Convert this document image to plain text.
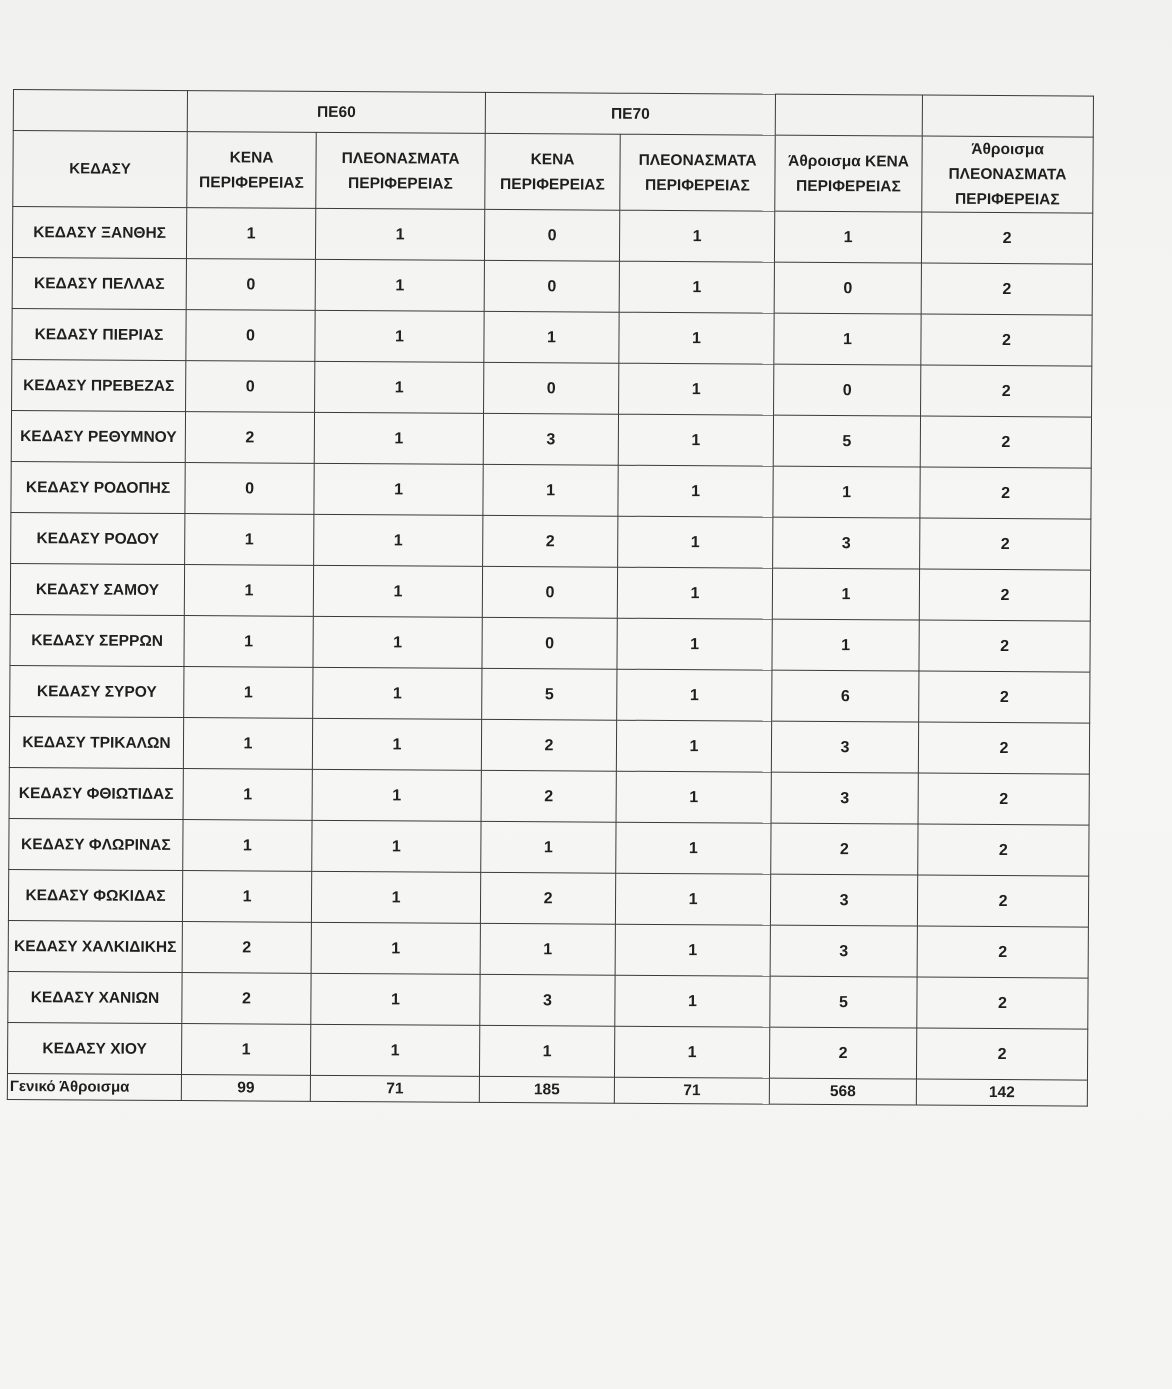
	ΠΕ60		ΠΕ70			
ΚΕΔΑΣΥ	ΚΕΝΑ ΠΕΡΙΦΕΡΕΙΑΣ	ΠΛΕΟΝΑΣΜΑΤΑ ΠΕΡΙΦΕΡΕΙΑΣ	ΚΕΝΑ ΠΕΡΙΦΕΡΕΙΑΣ	ΠΛΕΟΝΑΣΜΑΤΑ ΠΕΡΙΦΕΡΕΙΑΣ	Άθροισμα ΚΕΝΑ ΠΕΡΙΦΕΡΕΙΑΣ	Άθροισμα ΠΛΕΟΝΑΣΜΑΤΑ ΠΕΡΙΦΕΡΕΙΑΣ
ΚΕΔΑΣΥ ΞΑΝΘΗΣ	1	1	0	1	1	2
ΚΕΔΑΣΥ ΠΕΛΛΑΣ	0	1	0	1	0	2
ΚΕΔΑΣΥ ΠΙΕΡΙΑΣ	0	1	1	1	1	2
ΚΕΔΑΣΥ ΠΡΕΒΕΖΑΣ	0	1	0	1	0	2
ΚΕΔΑΣΥ ΡΕΘΥΜΝΟΥ	2	1	3	1	5	2
ΚΕΔΑΣΥ ΡΟΔΟΠΗΣ	0	1	1	1	1	2
ΚΕΔΑΣΥ ΡΟΔΟΥ	1	1	2	1	3	2
ΚΕΔΑΣΥ ΣΑΜΟΥ	1	1	0	1	1	2
ΚΕΔΑΣΥ ΣΕΡΡΩΝ	1	1	0	1	1	2
ΚΕΔΑΣΥ ΣΥΡΟΥ	1	1	5	1	6	2
ΚΕΔΑΣΥ ΤΡΙΚΑΛΩΝ	1	1	2	1	3	2
ΚΕΔΑΣΥ ΦΘΙΩΤΙΔΑΣ	1	1	2	1	3	2
ΚΕΔΑΣΥ ΦΛΩΡΙΝΑΣ	1	1	1	1	2	2
ΚΕΔΑΣΥ ΦΩΚΙΔΑΣ	1	1	2	1	3	2
ΚΕΔΑΣΥ ΧΑΛΚΙΔΙΚΗΣ	2	1	1	1	3	2
ΚΕΔΑΣΥ ΧΑΝΙΩΝ	2	1	3	1	5	2
ΚΕΔΑΣΥ ΧΙΟΥ	1	1	1	1	2	2
Γενικό Άθροισμα	99	71	185	71	568	142
